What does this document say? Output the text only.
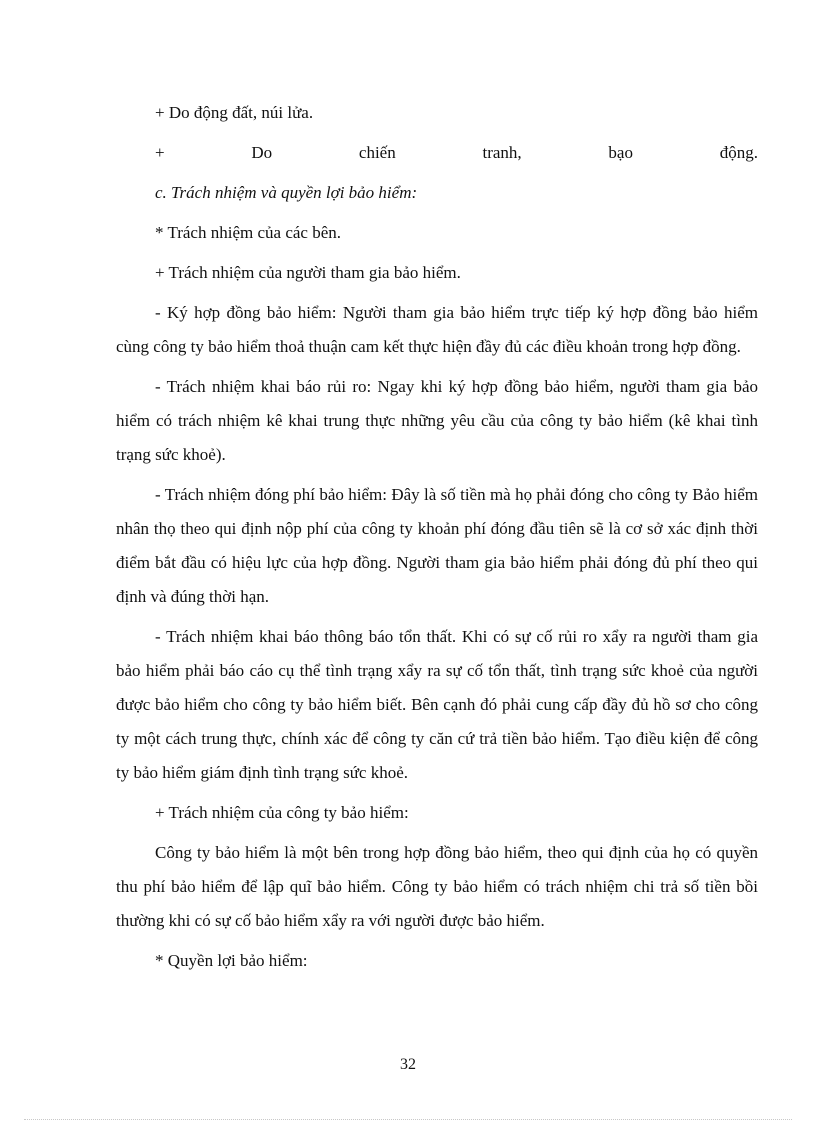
+ Do động đất, núi lửa.

+ Do chiến tranh, bạo động.

c. Trách nhiệm và quyền lợi bảo hiểm:

* Trách nhiệm của các bên.

+ Trách nhiệm của người tham gia bảo hiểm.

- Ký hợp đồng bảo hiểm: Người tham gia bảo hiểm trực tiếp ký hợp đồng bảo hiểm cùng công ty bảo hiểm thoả thuận cam kết thực hiện đầy đủ các điều khoản trong hợp đồng.

- Trách nhiệm khai báo rủi ro: Ngay khi ký hợp đồng bảo hiểm, người tham gia bảo hiểm có trách nhiệm kê khai trung thực những yêu cầu của công ty bảo hiểm (kê khai tình trạng sức khoẻ).

- Trách nhiệm đóng phí bảo hiểm: Đây là số tiền mà họ phải đóng cho công ty Bảo hiểm nhân thọ theo qui định nộp phí của công ty khoản phí đóng đầu tiên sẽ là cơ sở xác định thời điểm bắt đầu có hiệu lực của hợp đồng. Người tham gia bảo hiểm phải đóng đủ phí theo qui định và đúng thời hạn.

- Trách nhiệm khai báo thông báo tổn thất. Khi có sự cố rủi ro xẩy ra người tham gia bảo hiểm phải báo cáo cụ thể tình trạng xẩy ra sự cố tổn thất, tình trạng sức khoẻ của người được bảo hiểm cho công ty bảo hiểm biết. Bên cạnh đó phải cung cấp đầy đủ hồ sơ cho công ty một cách trung thực, chính xác để công ty căn cứ trả tiền bảo hiểm. Tạo điều kiện để công ty bảo hiểm giám định tình trạng sức khoẻ.

+ Trách nhiệm của công ty bảo hiểm:

Công ty bảo hiểm là một bên trong hợp đồng bảo hiểm, theo qui định của họ có quyền thu phí bảo hiểm để lập quĩ bảo hiểm. Công ty bảo hiểm có trách nhiệm chi trả số tiền bồi thường khi có sự cố bảo hiểm xẩy ra với người được bảo hiểm.

* Quyền lợi bảo hiểm:

32
